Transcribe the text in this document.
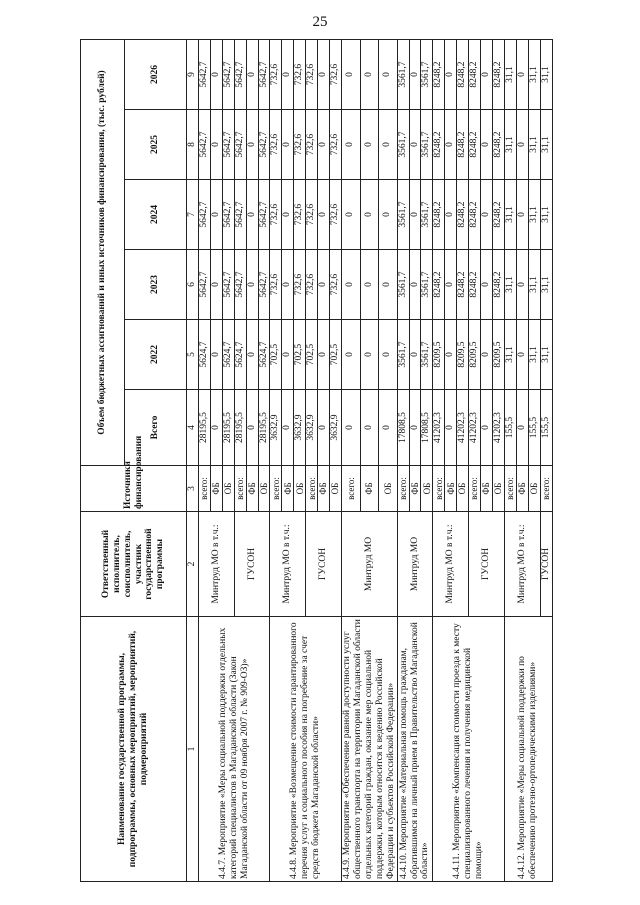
25
Наименование государственной программы, подпрограммы, основных мероприятий, мероприятий, подмероприятий	Ответственный исполнитель, соисполнитель, участник государственной программы	Источники финансирования	Объем бюджетных ассигнований и иных источников финансирования, (тыс. рублей)					
			Всего	2022	2023	2024	2025	2026
1	2	3	4	5	6	7	8	9
4.4.7. Мероприятие «Меры социальной поддержки отдельных категорий специалистов в Магаданской области (Закон Магаданской области от 09 ноября 2007 г. № 909-ОЗ)»	Минтруд МО в т.ч.:	всего:	28195,5	5624,7	5642,7	5642,7	5642,7	5642,7
		ФБ	0	0	0	0	0	0
		ОБ	28195,5	5624,7	5642,7	5642,7	5642,7	5642,7
	ГУСОН	всего:	28195,5	5624,7	5642,7	5642,7	5642,7	5642,7
		ФБ	0	0	0	0	0	0
		ОБ	28195,5	5624,7	5642,7	5642,7	5642,7	5642,7
4.4.8. Мероприятие «Возмещение стоимости гарантированного перечня услуг и социального пособия на погребение за счет средств бюджета Магаданской области»	Минтруд МО в т.ч.:	всего:	3632,9	702,5	732,6	732,6	732,6	732,6
		ФБ	0	0	0	0	0	0
		ОБ	3632,9	702,5	732,6	732,6	732,6	732,6
	ГУСОН	всего:	3632,9	702,5	732,6	732,6	732,6	732,6
		ФБ	0	0	0	0	0	0
		ОБ	3632,9	702,5	732,6	732,6	732,6	732,6
4.4.9. Мероприятие «Обеспечение равной доступности услуг общественного транспорта на территории Магаданской области отдельных категорий граждан, оказание мер социальной поддержки, которым относится к ведению Российской Федерации и субъектов Российской Федерации»	Минтруд МО	всего:	0	0	0	0	0	0
		ФБ	0	0	0	0	0	0
		ОБ	0	0	0	0	0	0
4.4.10. Мероприятие «Материальная помощь гражданам, обратившимся на личный прием в Правительство Магаданской области»	Минтруд МО	всего:	17808,5	3561,7	3561,7	3561,7	3561,7	3561,7
		ФБ	0	0	0	0	0	0
		ОБ	17808,5	3561,7	3561,7	3561,7	3561,7	3561,7
4.4.11. Мероприятие «Компенсация стоимости проезда к месту специализированного лечения и получения медицинской помощи»	Минтруд МО в т.ч.:	всего:	41202,3	8209,5	8248,2	8248,2	8248,2	8248,2
		ФБ	0	0	0	0	0	0
		ОБ	41202,3	8209,5	8248,2	8248,2	8248,2	8248,2
	ГУСОН	всего:	41202,3	8209,5	8248,2	8248,2	8248,2	8248,2
		ФБ	0	0	0	0	0	0
		ОБ	41202,3	8209,5	8248,2	8248,2	8248,2	8248,2
4.4.12. Мероприятие «Меры социальной поддержки по обеспечению протезно-ортопедическими изделиями»	Минтруд МО в т.ч.:	всего:	155,5	31,1	31,1	31,1	31,1	31,1
		ФБ	0	0	0	0	0	0
		ОБ	155,5	31,1	31,1	31,1	31,1	31,1
	ГУСОН	всего:	155,5	31,1	31,1	31,1	31,1	31,1
